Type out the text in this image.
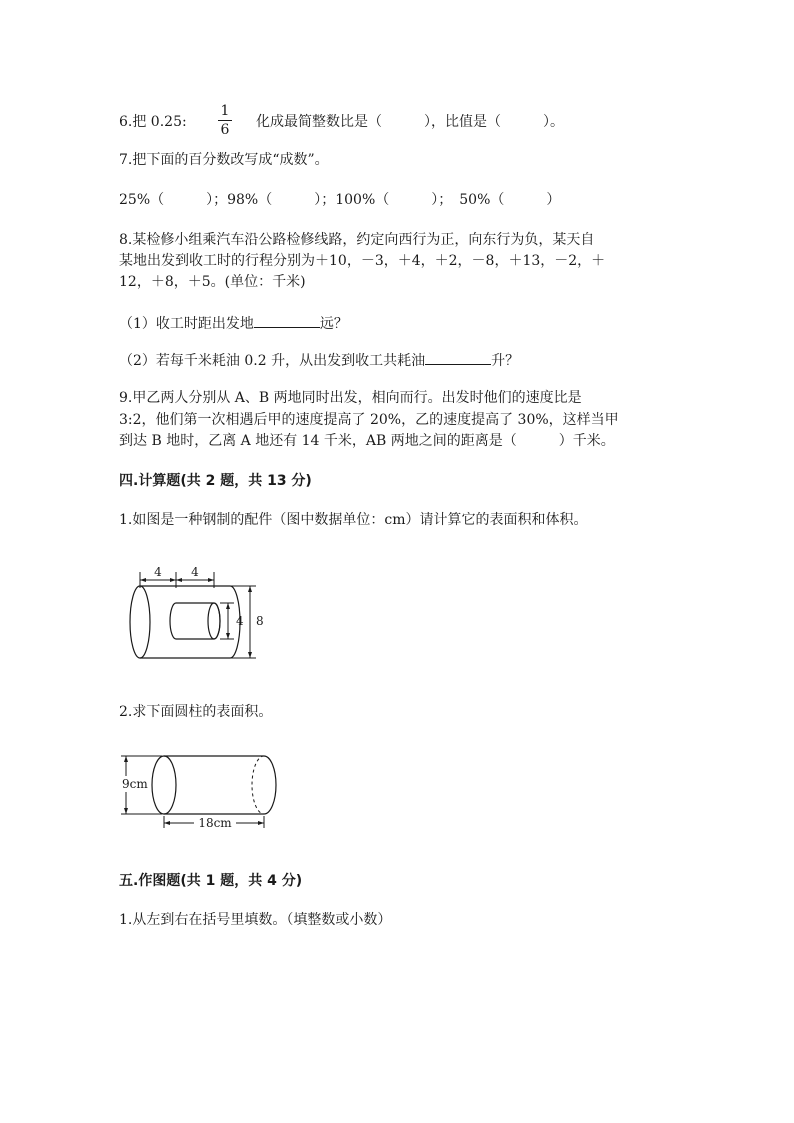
6.把 0.25: $\frac{1}{6}$ 化成最简整数比是（　　　），比值是（　　　）。
7.把下面的百分数改写成“成数”。
25%（　　　）；98%（　　　）；100%（　　　）；　50%（　　　）
8.某检修小组乘汽车沿公路检修线路，约定向西行为正，向东行为负，某天自
某地出发到收工时的行程分别为＋10，－3，＋4，＋2，－8，＋13，－2，＋
12，＋8，＋5。(单位：千米)
（1）收工时距出发地	远？
（2）若每千米耗油 0.2 升，从出发到收工共耗油	升？
9.甲乙两人分别从 A、B 两地同时出发，相向而行。出发时他们的速度比是
3:2，他们第一次相遇后甲的速度提高了 20%，乙的速度提高了 30%，这样当甲
到达 B 地时，乙离 A 地还有 14 千米，AB 两地之间的距离是（　　　）千米。
四.计算题(共 2 题，共 13 分)
1.如图是一种钢制的配件（图中数据单位：cm）请计算它的表面积和体积。
4 4
4 8
2.求下面圆柱的表面积。
9cm
18cm
五.作图题(共 1 题，共 4 分)
1.从左到右在括号里填数。（填整数或小数）
